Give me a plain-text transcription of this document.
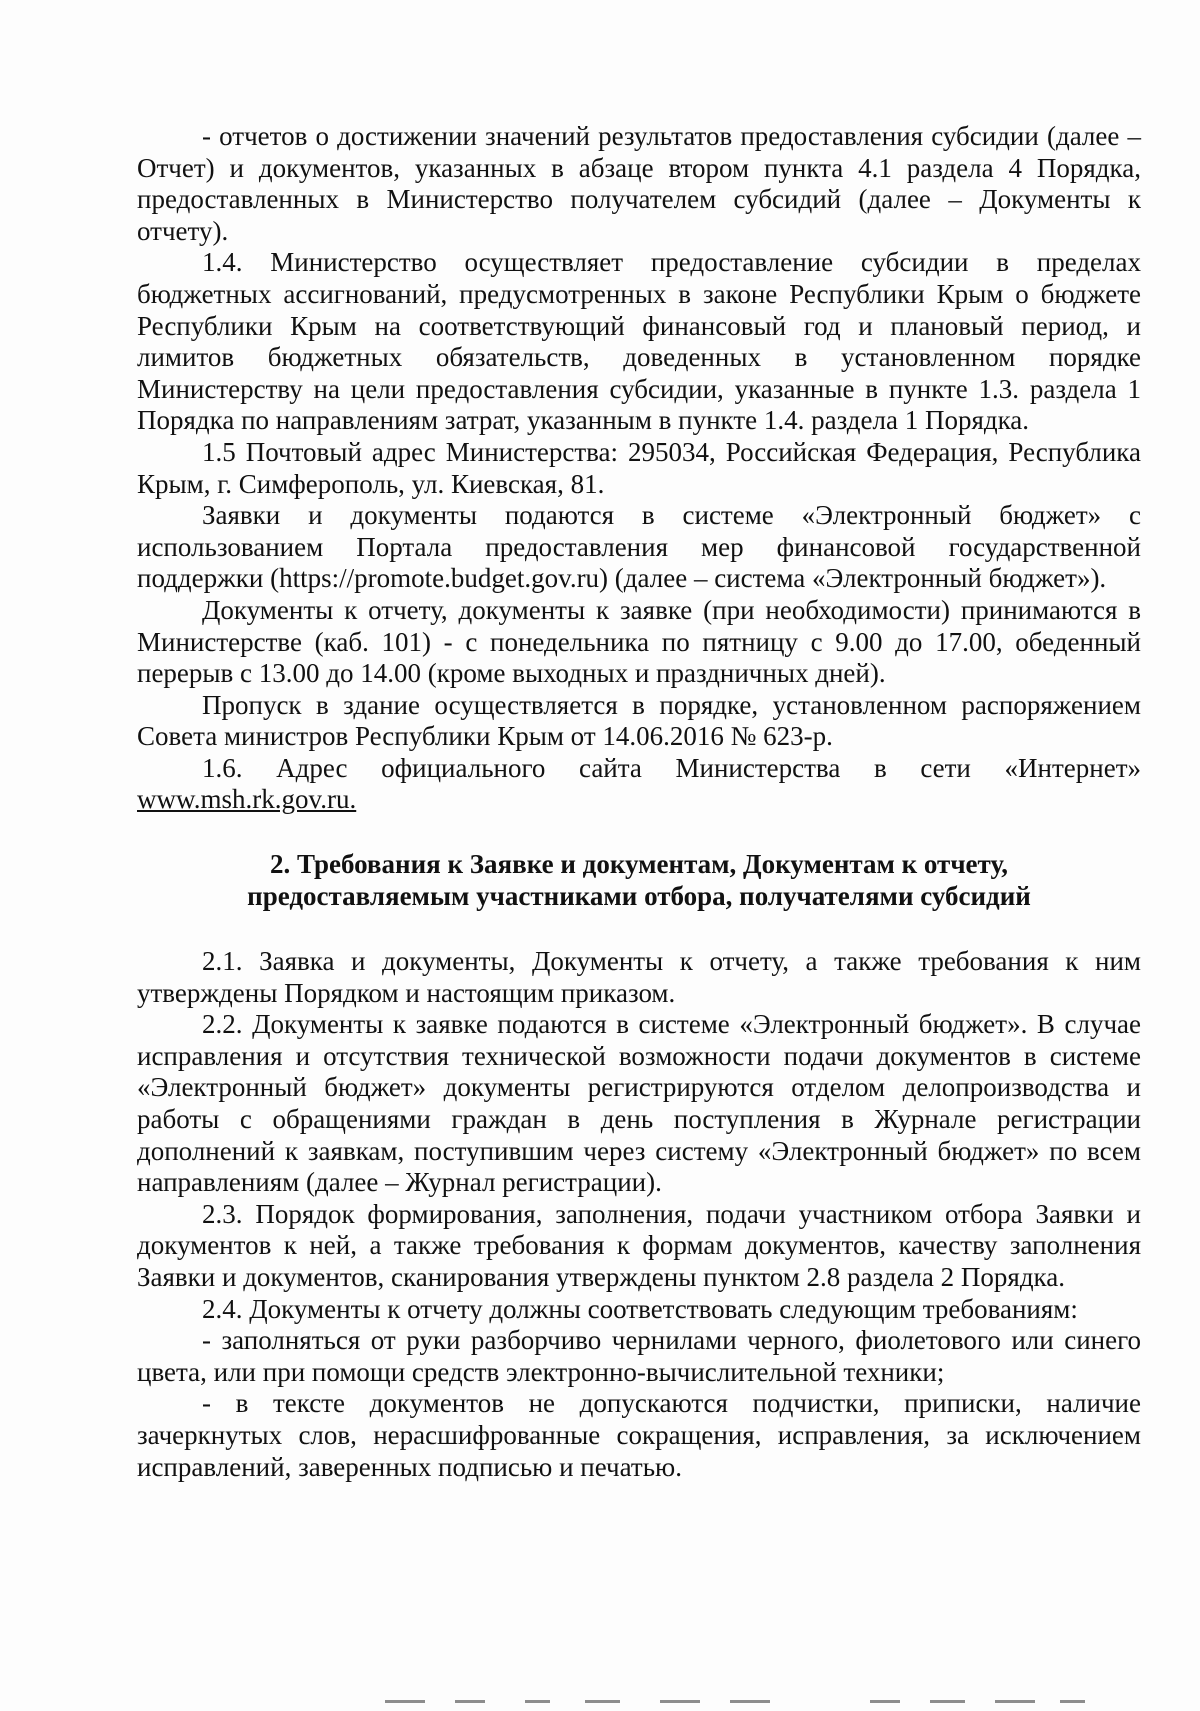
- отчетов о достижении значений результатов предоставления субсидии (далее – Отчет) и документов, указанных в абзаце втором пункта 4.1 раздела 4 Порядка, предоставленных в Министерство получателем субсидий (далее – Документы к отчету).

1.4. Министерство осуществляет предоставление субсидии в пределах бюджетных ассигнований, предусмотренных в законе Республики Крым о бюджете Республики Крым на соответствующий финансовый год и плановый период, и лимитов бюджетных обязательств, доведенных в установленном порядке Министерству на цели предоставления субсидии, указанные в пункте 1.3. раздела 1 Порядка по направлениям затрат, указанным в пункте 1.4. раздела 1 Порядка.

1.5 Почтовый адрес Министерства: 295034, Российская Федерация, Республика Крым, г. Симферополь, ул. Киевская, 81.

Заявки и документы подаются в системе «Электронный бюджет» с использованием Портала предоставления мер финансовой государственной поддержки (https://promote.budget.gov.ru) (далее – система «Электронный бюджет»).

Документы к отчету, документы к заявке (при необходимости) принимаются в Министерстве (каб. 101) - с понедельника по пятницу с 9.00 до 17.00, обеденный перерыв с 13.00 до 14.00 (кроме выходных и праздничных дней).

Пропуск в здание осуществляется в порядке, установленном распоряжением Совета министров Республики Крым от 14.06.2016 № 623-р.

1.6. Адрес официального сайта Министерства в сети «Интернет»

www.msh.rk.gov.ru.

2. Требования к Заявке и документам, Документам к отчету,

предоставляемым участниками отбора, получателями субсидий

2.1. Заявка и документы, Документы к отчету, а также требования к ним утверждены Порядком и настоящим приказом.

2.2. Документы к заявке подаются в системе «Электронный бюджет». В случае исправления и отсутствия технической возможности подачи документов в системе «Электронный бюджет» документы регистрируются отделом делопроизводства и работы с обращениями граждан в день поступления в Журнале регистрации дополнений к заявкам, поступившим через систему «Электронный бюджет» по всем направлениям (далее – Журнал регистрации).

2.3. Порядок формирования, заполнения, подачи участником отбора Заявки и документов к ней, а также требования к формам документов, качеству заполнения Заявки и документов, сканирования утверждены пунктом 2.8 раздела 2 Порядка.

2.4. Документы к отчету должны соответствовать следующим требованиям:

- заполняться от руки разборчиво чернилами черного, фиолетового или синего цвета, или при помощи средств электронно-вычислительной техники;

- в тексте документов не допускаются подчистки, приписки, наличие зачеркнутых слов, нерасшифрованные сокращения, исправления, за исключением исправлений, заверенных подписью и печатью.
